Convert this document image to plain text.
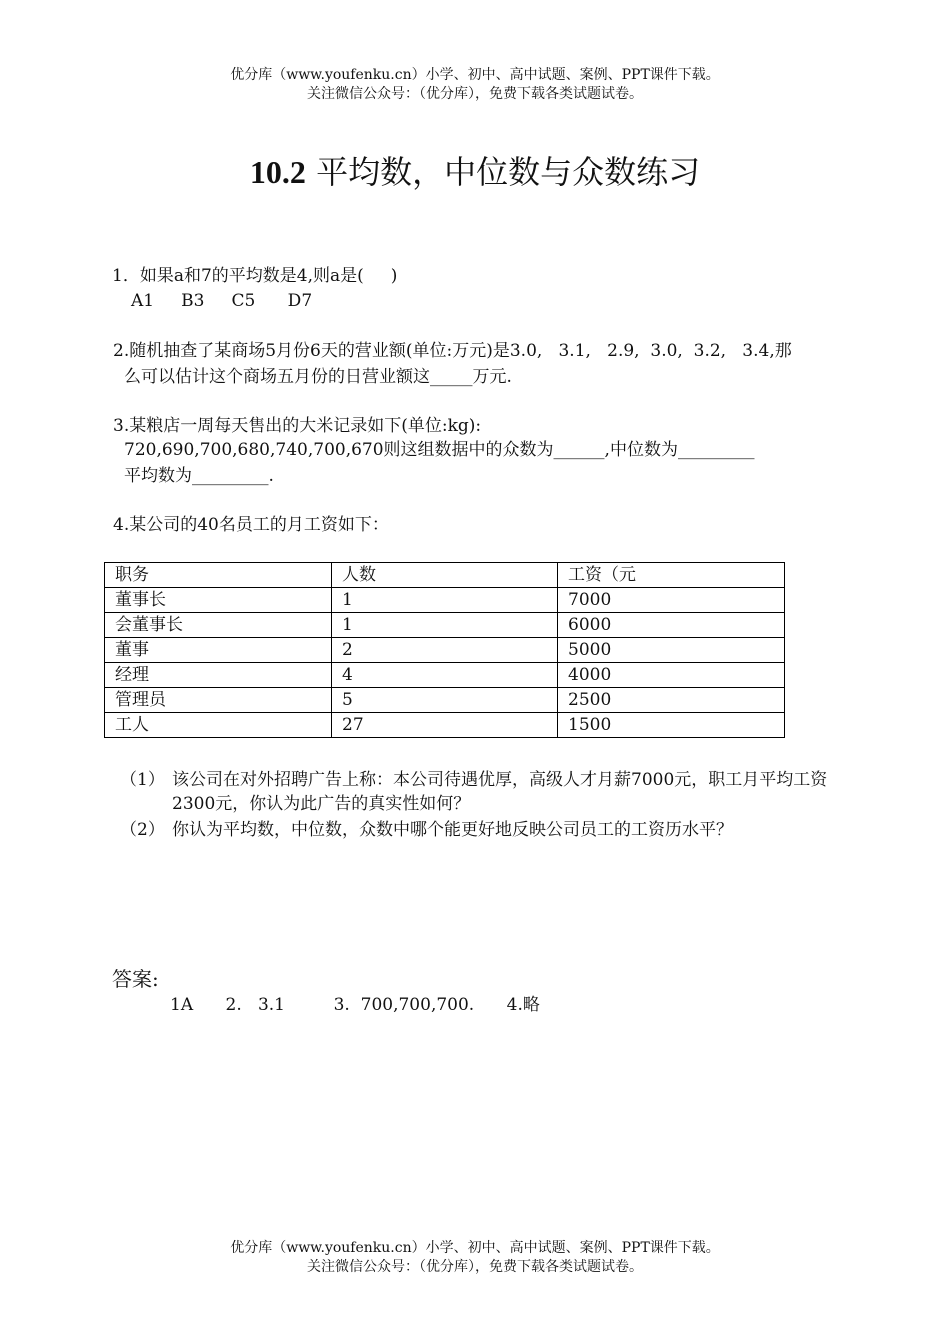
优分库（www.youfenku.cn）小学、初中、高中试题、案例、PPT课件下载。
关注微信公众号：（优分库），免费下载各类试题试卷。
10.2 平均数，中位数与众数练习
1．如果a和7的平均数是4,则a是(     )
A1     B3     C5      D7
2.随机抽查了某商场5月份6天的营业额(单位:万元)是3.0,   3.1,   2.9,  3.0,  3.2,   3.4,那
么可以估计这个商场五月份的日营业额这_____万元.
3.某粮店一周每天售出的大米记录如下(单位:kg):
720,690,700,680,740,700,670则这组数据中的众数为______,中位数为_________
平均数为_________.
4.某公司的40名员工的月工资如下：
职务	人数	工资（元
董事长	1	7000
会董事长	1	6000
董事	2	5000
经理	4	4000
管理员	5	2500
工人	27	1500
（1） 该公司在对外招聘广告上称：本公司待遇优厚，高级人才月薪7000元，职工月平均工资2300元，你认为此广告的真实性如何？
（2） 你认为平均数，中位数，众数中哪个能更好地反映公司员工的工资历水平？
答案:
1A      2.   3.1         3.  700,700,700.      4.略
优分库（www.youfenku.cn）小学、初中、高中试题、案例、PPT课件下载。
关注微信公众号：（优分库），免费下载各类试题试卷。
